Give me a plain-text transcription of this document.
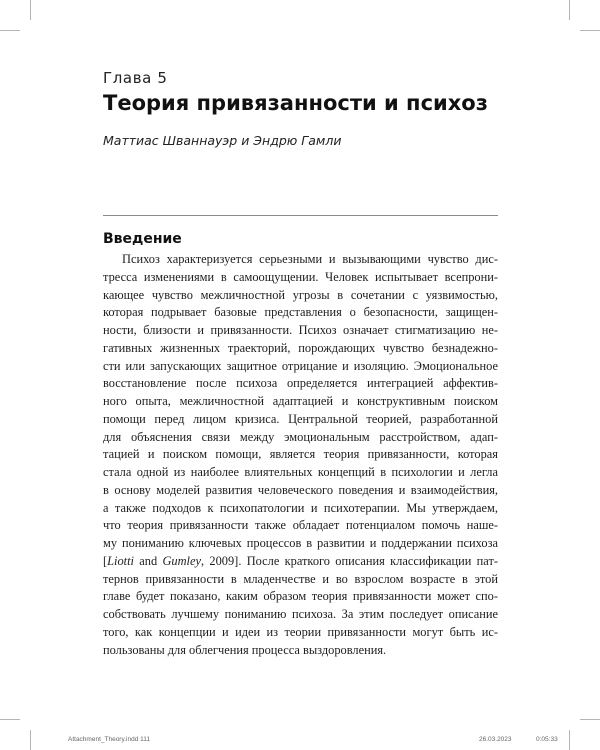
Глава 5
Теория привязанности и психоз
Маттиас Шваннауэр и Эндрю Гамли
Введение
Психоз характеризуется серьезными и вызывающими чувство дис-
тресса изменениями в самоощущении. Человек испытывает всепрони-
кающее чувство межличностной угрозы в сочетании с уязвимостью,
которая подрывает базовые представления о безопасности, защищен-
ности, близости и привязанности. Психоз означает стигматизацию не-
гативных жизненных траекторий, порождающих чувство безнадежно-
сти или запускающих защитное отрицание и изоляцию. Эмоциональное
восстановление после психоза определяется интеграцией аффектив-
ного опыта, межличностной адаптацией и конструктивным поиском
помощи перед лицом кризиса. Центральной теорией, разработанной
для объяснения связи между эмоциональным расстройством, адап-
тацией и поиском помощи, является теория привязанности, которая
стала одной из наиболее влиятельных концепций в психологии и легла
в основу моделей развития человеческого поведения и взаимодействия,
а также подходов к психопатологии и психотерапии. Мы утверждаем,
что теория привязанности также обладает потенциалом помочь наше-
му пониманию ключевых процессов в развитии и поддержании психоза
[Liotti and Gumley, 2009]. После краткого описания классификации пат-
тернов привязанности в младенчестве и во взрослом возрасте в этой
главе будет показано, каким образом теория привязанности может спо-
собствовать лучшему пониманию психоза. За этим последует описание
того, как концепции и идеи из теории привязанности могут быть ис-
пользованы для облегчения процесса выздоровления.
Attachment_Theory.indd 111	26.03.2023	0:05:33
